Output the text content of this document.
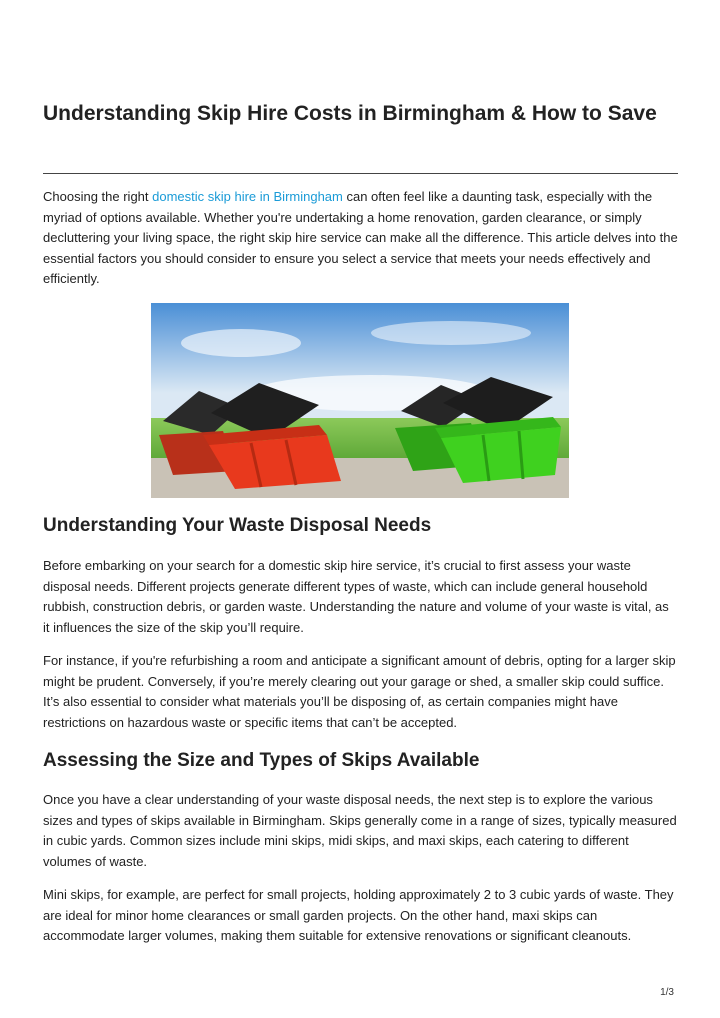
Understanding Skip Hire Costs in Birmingham & How to Save

Choosing the right domestic skip hire in Birmingham can often feel like a daunting task, especially with the myriad of options available. Whether you're undertaking a home renovation, garden clearance, or simply decluttering your living space, the right skip hire service can make all the difference. This article delves into the essential factors you should consider to ensure you select a service that meets your needs effectively and efficiently.

Understanding Your Waste Disposal Needs

Before embarking on your search for a domestic skip hire service, it’s crucial to first assess your waste disposal needs. Different projects generate different types of waste, which can include general household rubbish, construction debris, or garden waste. Understanding the nature and volume of your waste is vital, as it influences the size of the skip you’ll require.

For instance, if you're refurbishing a room and anticipate a significant amount of debris, opting for a larger skip might be prudent. Conversely, if you’re merely clearing out your garage or shed, a smaller skip could suffice. It’s also essential to consider what materials you’ll be disposing of, as certain companies might have restrictions on hazardous waste or specific items that can’t be accepted.

Assessing the Size and Types of Skips Available

Once you have a clear understanding of your waste disposal needs, the next step is to explore the various sizes and types of skips available in Birmingham. Skips generally come in a range of sizes, typically measured in cubic yards. Common sizes include mini skips, midi skips, and maxi skips, each catering to different volumes of waste.

Mini skips, for example, are perfect for small projects, holding approximately 2 to 3 cubic yards of waste. They are ideal for minor home clearances or small garden projects. On the other hand, maxi skips can accommodate larger volumes, making them suitable for extensive renovations or significant cleanouts.

1/3
